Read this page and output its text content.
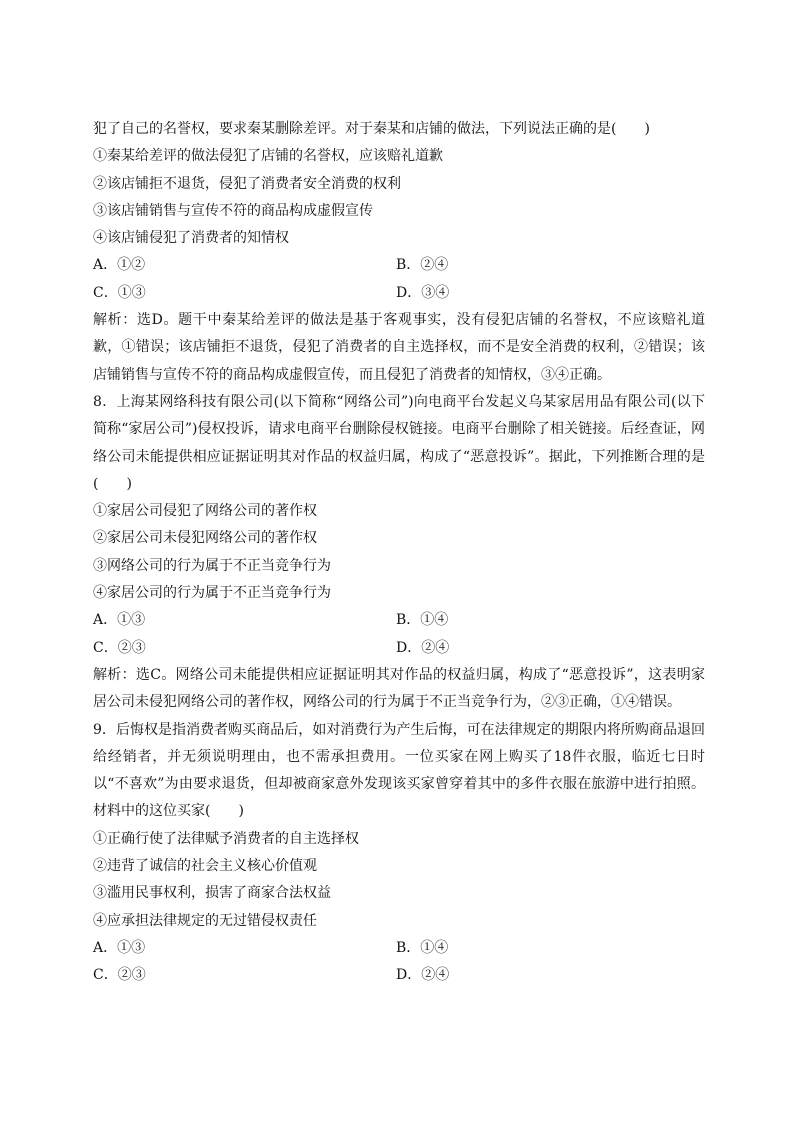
犯了自己的名誉权，要求秦某删除差评。对于秦某和店铺的做法，下列说法正确的是(　　)
①秦某给差评的做法侵犯了店铺的名誉权，应该赔礼道歉
②该店铺拒不退货，侵犯了消费者安全消费的权利
③该店铺销售与宣传不符的商品构成虚假宣传
④该店铺侵犯了消费者的知情权
A．①②	B．②④
C．①③	D．③④
解析：选D。题干中秦某给差评的做法是基于客观事实，没有侵犯店铺的名誉权，不应该赔礼道歉，①错误；该店铺拒不退货，侵犯了消费者的自主选择权，而不是安全消费的权利，②错误；该店铺销售与宣传不符的商品构成虚假宣传，而且侵犯了消费者的知情权，③④正确。
8．上海某网络科技有限公司(以下简称“网络公司”)向电商平台发起义乌某家居用品有限公司(以下简称“家居公司”)侵权投诉，请求电商平台删除侵权链接。电商平台删除了相关链接。后经查证，网络公司未能提供相应证据证明其对作品的权益归属，构成了“恶意投诉”。据此，下列推断合理的是(　　)
①家居公司侵犯了网络公司的著作权
②家居公司未侵犯网络公司的著作权
③网络公司的行为属于不正当竞争行为
④家居公司的行为属于不正当竞争行为
A．①③	B．①④
C．②③	D．②④
解析：选C。网络公司未能提供相应证据证明其对作品的权益归属，构成了“恶意投诉”，这表明家居公司未侵犯网络公司的著作权，网络公司的行为属于不正当竞争行为，②③正确，①④错误。
9．后悔权是指消费者购买商品后，如对消费行为产生后悔，可在法律规定的期限内将所购商品退回给经销者，并无须说明理由，也不需承担费用。一位买家在网上购买了18件衣服，临近七日时以“不喜欢”为由要求退货，但却被商家意外发现该买家曾穿着其中的多件衣服在旅游中进行拍照。材料中的这位买家(　　)
①正确行使了法律赋予消费者的自主选择权
②违背了诚信的社会主义核心价值观
③滥用民事权利，损害了商家合法权益
④应承担法律规定的无过错侵权责任
A．①③	B．①④
C．②③	D．②④
